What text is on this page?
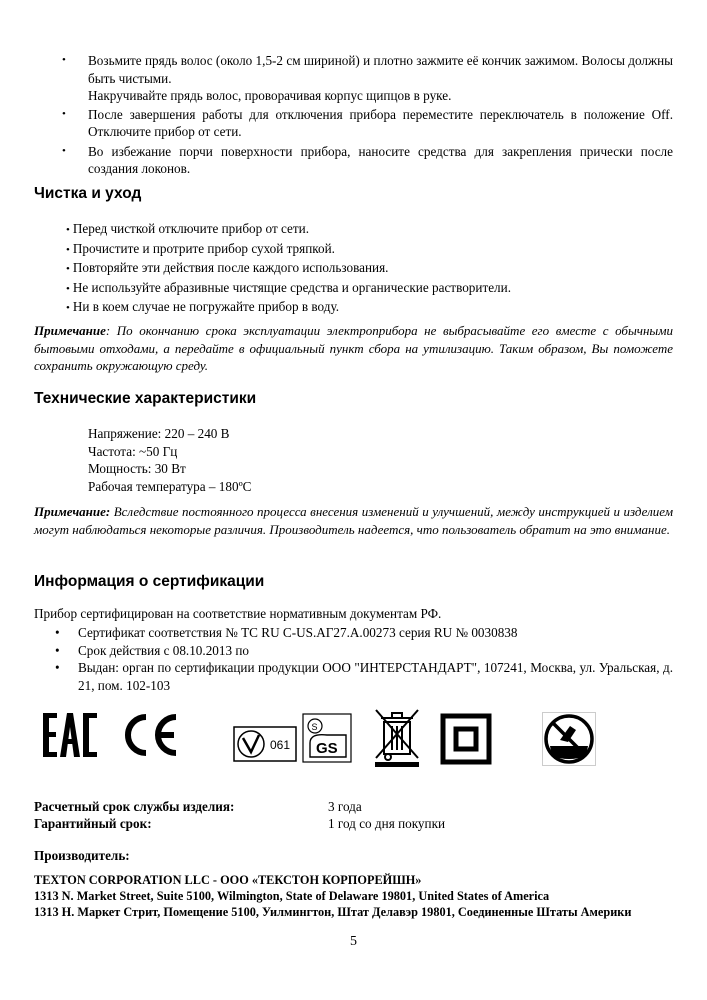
• Возьмите прядь волос (около 1,5-2 см шириной) и плотно зажмите её кончик зажимом. Волосы должны быть чистыми.
Накручивайте прядь волос, проворачивая корпус щипцов в руке.
• После завершения работы для отключения прибора переместите переключатель в положение Off. Отключите прибор от сети.
• Во избежание порчи поверхности прибора, наносите средства для закрепления прически после создания локонов.
Чистка и уход
• Перед чисткой отключите прибор от сети.
• Прочистите и протрите прибор сухой тряпкой.
• Повторяйте эти действия после каждого использования.
• Не используйте абразивные чистящие средства и органические растворители.
• Ни в коем случае не погружайте прибор в воду.
Примечание: По окончанию срока эксплуатации электроприбора не выбрасывайте его вместе с обычными бытовыми отходами, а передайте в официальный пункт сбора на утилизацию. Таким образом, Вы поможете сохранить окружающую среду.
Технические характеристики
Напряжение: 220 – 240 В
Частота: ~50 Гц
Мощность: 30 Вт
Рабочая температура – 180ºС
Примечание: Вследствие постоянного процесса внесения изменений и улучшений, между инструкцией и изделием могут наблюдаться некоторые различия. Производитель надеется, что пользователь обратит на это внимание.
Информация о сертификации
Прибор сертифицирован на соответствие нормативным документам РФ.
• Сертификат соответствия № ТС RU C-US.АГ27.А.00273 серия RU № 0030838
• Срок действия с 08.10.2013 по
• Выдан: орган по сертификации продукции ООО "ИНТЕРСТАНДАРТ", 107241, Москва, ул. Уральская, д. 21, пом. 102-103
061
S
GS
Расчетный срок службы изделия:	3 года
Гарантийный срок:	1 год со дня покупки
Производитель:
TEXTON CORPORATION LLC - ООО «ТЕКСТОН КОРПОРЕЙШН»
1313 N. Market Street, Suite 5100, Wilmington, State of Delaware 19801, United States of America
1313 Н. Маркет Стрит, Помещение 5100, Уилмингтон, Штат Делавэр 19801, Соединенные Штаты Америки
5
